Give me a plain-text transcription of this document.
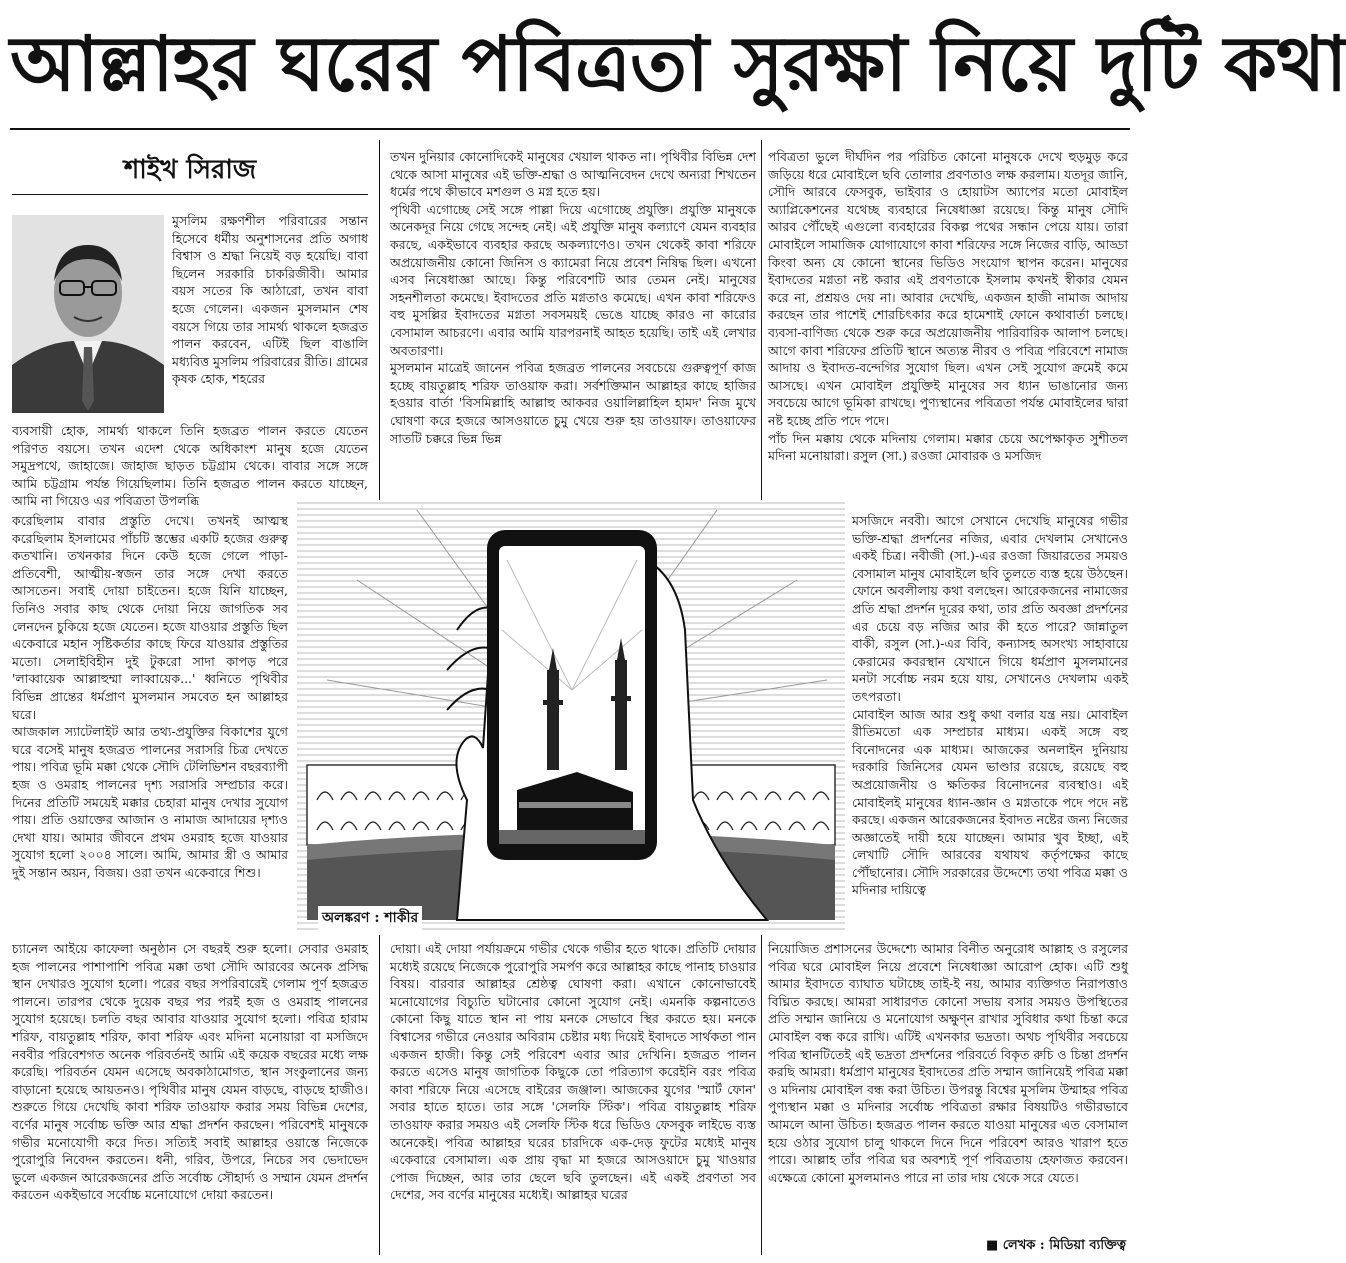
আল্লাহর ঘরের পবিত্রতা সুরক্ষা নিয়ে দুটি কথা
শাইখ সিরাজ
মুসলিম রক্ষণশীল পরিবারের সন্তান হিসেবে ধর্মীয় অনুশাসনের প্রতি অগাধ বিশ্বাস ও শ্রদ্ধা নিয়েই বড় হয়েছি। বাবা ছিলেন সরকারি চাকরিজীবী। আমার বয়স সতের কি আঠারো, তখন বাবা হজে গেলেন। একজন মুসলমান শেষ বয়সে গিয়ে তার সামর্থ্য থাকলে হজব্রত পালন করবেন, এটিই ছিল বাঙালি মধ্যবিত্ত মুসলিম পরিবারের রীতি। গ্রামের কৃষক হোক, শহরের
ব্যবসায়ী হোক, সামর্থ্য থাকলে তিনি হজব্রত পালন করতে যেতেন পরিণত বয়সে। তখন এদেশ থেকে অধিকাংশ মানুষ হজে যেতেন সমুদ্রপথে, জাহাজে। জাহাজ ছাড়ত চট্টগ্রাম থেকে। বাবার সঙ্গে সঙ্গে আমি চট্টগ্রাম পর্যন্ত গিয়েছিলাম। তিনি হজব্রত পালন করতে যাচ্ছেন, আমি না গিয়েও এর পবিত্রতা উপলব্ধি

করেছিলাম বাবার প্রস্তুতি দেখে। তখনই আত্মস্থ করেছিলাম ইসলামের পাঁচটি স্তম্ভের একটি হজের গুরুত্ব কতখানি। তখনকার দিনে কেউ হজে গেলে পাড়া-প্রতিবেশী, আত্মীয়-স্বজন তার সঙ্গে দেখা করতে আসতেন। সবাই দোয়া চাইতেন। হজে যিনি যাচ্ছেন, তিনিও সবার কাছ থেকে দোয়া নিয়ে জাগতিক সব লেনদেন চুকিয়ে হজে যেতেন। হজে যাওয়ার প্রস্তুতি ছিল একেবারে মহান সৃষ্টিকর্তার কাছে ফিরে যাওয়ার প্রস্তুতির মতো। সেলাইবিহীন দুই টুকরো সাদা কাপড় পরে 'লাব্বায়েক আল্লাহুম্মা লাব্বায়েক...' ধ্বনিতে পৃথিবীর বিভিন্ন প্রান্তের ধর্মপ্রাণ মুসলমান সমবেত হন আল্লাহর ঘরে।

আজকাল স্যাটেলাইট আর তথ্য-প্রযুক্তির বিকাশের যুগে ঘরে বসেই মানুষ হজব্রত পালনের সরাসরি চিত্র দেখতে পায়। পবিত্র ভূমি মক্কা থেকে সৌদি টেলিভিশন বছরব্যাপী হজ ও ওমরাহ পালনের দৃশ্য সরাসরি সম্প্রচার করে। দিনের প্রতিটি সময়েই মক্কার চেহারা মানুষ দেখার সুযোগ পায়। প্রতি ওয়াক্তের আজান ও নামাজ আদায়ের দৃশ্যও দেখা যায়। আমার জীবনে প্রথম ওমরাহ হজে যাওয়ার সুযোগ হলো ২০০৪ সালে। আমি, আমার স্ত্রী ও আমার দুই সন্তান অয়ন, বিজয়। ওরা তখন একেবারে শিশু।

চ্যানেল আইয়ে কাফেলা অনুষ্ঠান সে বছরই শুরু হলো। সেবার ওমরাহ হজ পালনের পাশাপাশি পবিত্র মক্কা তথা সৌদি আরবের অনেক প্রসিদ্ধ স্থান দেখারও সুযোগ হলো। পরের বছর সপরিবারেই গেলাম পূর্ণ হজব্রত পালনে। তারপর থেকে দুয়েক বছর পর পরই হজ ও ওমরাহ পালনের সুযোগ হয়েছে। চলতি বছর আবার যাওয়ার সুযোগ হলো। পবিত্র হারাম শরিফ, বায়তুল্লাহ শরিফ, কাবা শরিফ এবং মদিনা মনোয়ারা বা মসজিদে নববীর পরিবেশগত অনেক পরিবর্তনই আমি এই কয়েক বছরের মধ্যে লক্ষ করেছি। পরিবর্তন যেমন এসেছে অবকাঠামোগত, স্থান সংকুলানের জন্য বাড়ানো হয়েছে আয়তনও। পৃথিবীর মানুষ যেমন বাড়ছে, বাড়ছে হাজীও। শুরুতে গিয়ে দেখেছি কাবা শরিফ তাওয়াফ করার সময় বিভিন্ন দেশের, বর্ণের মানুষ সর্বোচ্চ ভক্তি আর শ্রদ্ধা প্রদর্শন করছেন। পরিবেশই মানুষকে গভীর মনোযোগী করে দিত। সত্যিই সবাই আল্লাহর ওয়াস্তে নিজেকে পুরোপুরি নিবেদন করতেন। ধনী, গরিব, উপরে, নিচের সব ভেদাভেদ ভুলে একজন আরেকজনের প্রতি সর্বোচ্চ সৌহার্দ্য ও সম্মান যেমন প্রদর্শন করতেন একইভাবে সর্বোচ্চ মনোযোগে দোয়া করতেন।

তখন দুনিয়ার কোনোদিকেই মানুষের খেয়াল থাকত না। পৃথিবীর বিভিন্ন দেশ থেকে আসা মানুষের এই ভক্তি-শ্রদ্ধা ও আত্মনিবেদন দেখে অন্যরা শিখতেন ধর্মের পথে কীভাবে মশগুল ও মগ্ন হতে হয়।

পৃথিবী এগোচ্ছে সেই সঙ্গে পাল্লা দিয়ে এগোচ্ছে প্রযুক্তি। প্রযুক্তি মানুষকে অনেকদূর নিয়ে গেছে সন্দেহ নেই। এই প্রযুক্তি মানুষ কল্যাণে যেমন ব্যবহার করছে, একইভাবে ব্যবহার করছে অকল্যাণেও। তখন থেকেই কাবা শরিফে অপ্রয়োজনীয় কোনো জিনিস ও ক্যামেরা নিয়ে প্রবেশ নিষিদ্ধ ছিল। এখনো এসব নিষেধাজ্ঞা আছে। কিন্তু পরিবেশটি আর তেমন নেই। মানুষের সহনশীলতা কমেছে। ইবাদতের প্রতি মগ্নতাও কমেছে। এখন কাবা শরিফেও বহু মুসল্লির ইবাদতের মগ্নতা সবসময়ই ভেঙে যাচ্ছে কারও না কারোর বেসামাল আচরণে। এবার আমি যারপরনাই আহত হয়েছি। তাই এই লেখার অবতারণা।

মুসলমান মাত্রেই জানেন পবিত্র হজব্রত পালনের সবচেয়ে গুরুত্বপূর্ণ কাজ হচ্ছে বায়তুল্লাহ শরিফ তাওয়াফ করা। সর্বশক্তিমান আল্লাহর কাছে হাজির হওয়ার বার্তা 'বিসমিল্লাহি আল্লাহু আকবর ওয়ালিল্লাহিল হামদ' নিজ মুখে ঘোষণা করে হজরে আসওয়াতে চুমু খেয়ে শুরু হয় তাওয়াফ। তাওয়াফের সাতটি চক্করে ভিন্ন ভিন্ন

দোয়া। এই দোয়া পর্যায়ক্রমে গভীর থেকে গভীর হতে থাকে। প্রতিটি দোয়ার মধ্যেই রয়েছে নিজেকে পুরোপুরি সমর্পণ করে আল্লাহর কাছে পানাহ চাওয়ার বিষয়। বারবার আল্লাহর শ্রেষ্ঠত্ব ঘোষণা করা। এখানে কোনোভাবেই মনোযোগের বিচ্যুতি ঘটানোর কোনো সুযোগ নেই। এমনকি কল্পনাতেও কোনো কিছু যাতে স্থান না পায় মনকে সেভাবে স্থির করতে হয়। মনকে বিশ্বাসের গভীরে নেওয়ার অবিরাম চেষ্টার মধ্য দিয়েই ইবাদতে সার্থকতা পান একজন হাজী। কিন্তু সেই পরিবেশ এবার আর দেখিনি। হজব্রত পালন করতে এসেও মানুষ জাগতিক কিছুকে তো পরিত্যাগ করেইনি বরং পবিত্র কাবা শরিফে নিয়ে এসেছে বাইরের জঞ্জাল। আজকের যুগের 'স্মার্ট ফোন' সবার হাতে হাতে। তার সঙ্গে 'সেলফি স্টিক'। পবিত্র বায়তুল্লাহ শরিফ তাওয়াফ করার সময়ও এই সেলফি স্টিক ধরে ভিডিও ফেসবুক লাইভে ব্যস্ত অনেকেই। পবিত্র আল্লাহর ঘরের চারদিকে এক-দেড় ফুটের মধ্যেই মানুষ একেবারে বেসামাল। এক প্রায় বৃদ্ধা মা হজরে আসওয়াদে চুমু খাওয়ার পোজ দিচ্ছেন, আর তার ছেলে ছবি তুলছেন। এই একই প্রবণতা সব দেশের, সব বর্ণের মানুষের মধ্যেই। আল্লাহর ঘরের

পবিত্রতা ভুলে দীর্ঘদিন পর পরিচিত কোনো মানুষকে দেখে হুড়মুড় করে জড়িয়ে ধরে মোবাইলে ছবি তোলার প্রবণতাও লক্ষ করলাম। যতদূর জানি, সৌদি আরবে ফেসবুক, ভাইবার ও হোয়াটস অ্যাপের মতো মোবাইল অ্যাপ্লিকেশনের যথেচ্ছ ব্যবহারে নিষেধাজ্ঞা রয়েছে। কিন্তু মানুষ সৌদি আরব পৌঁছেই এগুলো ব্যবহারের বিকল্প পথের সন্ধান পেয়ে যায়। তারা মোবাইলে সামাজিক যোগাযোগে কাবা শরিফের সঙ্গে নিজের বাড়ি, আড্ডা কিংবা অন্য যে কোনো স্থানের ভিডিও সংযোগ স্থাপন করেন। মানুষের ইবাদতের মগ্নতা নষ্ট করার এই প্রবণতাকে ইসলাম কখনই স্বীকার যেমন করে না, প্রশ্রয়ও দেয় না। আবার দেখেছি, একজন হাজী নামাজ আদায় করছেন তার পাশেই শোরচিৎকার করে হামেশাই ফোনে কথাবার্তা চলছে। ব্যবসা-বাণিজ্য থেকে শুরু করে অপ্রয়োজনীয় পারিবারিক আলাপ চলছে। আগে কাবা শরিফের প্রতিটি স্থানে অত্যন্ত নীরব ও পবিত্র পরিবেশে নামাজ আদায় ও ইবাদত-বন্দেগির সুযোগ ছিল। এখন সেই সুযোগ ক্রমেই কমে আসছে। এখন মোবাইল প্রযুক্তিই মানুষের সব ধ্যান ভাঙানোর জন্য সবচেয়ে আগে ভূমিকা রাখছে। পুণ্যস্থানের পবিত্রতা পর্যন্ত মোবাইলের দ্বারা নষ্ট হচ্ছে প্রতি পদে পদে।

পাঁচ দিন মক্কায় থেকে মদিনায় গেলাম। মক্কার চেয়ে অপেক্ষাকৃত সুশীতল মদিনা মনোয়ারা। রসুল (সা.) রওজা মোবারক ও মসজিদ

মসজিদে নববী। আগে সেখানে দেখেছি মানুষের গভীর ভক্তি-শ্রদ্ধা প্রদর্শনের নজির, এবার দেখলাম সেখানেও একই চিত্র। নবীজী (সা.)-এর রওজা জিয়ারতের সময়ও বেসামাল মানুষ মোবাইলে ছবি তুলতে ব্যস্ত হয়ে উঠছেন। ফোনে অবলীলায় কথা বলছেন। আরেকজনের নামাজের প্রতি শ্রদ্ধা প্রদর্শন দূরের কথা, তার প্রতি অবজ্ঞা প্রদর্শনের এর চেয়ে বড় নজির আর কী হতে পারে? জান্নাতুল বাকী, রসুল (সা.)-এর বিবি, কন্যাসহ অসংখ্য সাহাবায়ে কেরামের কবরস্থান যেখানে গিয়ে ধর্মপ্রাণ মুসলমানের মনটা সর্বোচ্চ নরম হয়ে যায়, সেখানেও দেখলাম একই তৎপরতা।

মোবাইল আজ আর শুধু কথা বলার যন্ত্র নয়। মোবাইল রীতিমতো এক সম্প্রচার মাধ্যম। একই সঙ্গে বহু বিনোদনের এক মাধ্যম। আজকের অনলাইন দুনিয়ায় দরকারি জিনিসের যেমন ভাণ্ডার রয়েছে, রয়েছে বহু অপ্রয়োজনীয় ও ক্ষতিকর বিনোদনের ব্যবস্থাও। এই মোবাইলই মানুষের ধ্যান-জ্ঞান ও মগ্নতাকে পদে পদে নষ্ট করছে। একজন আরেকজনের ইবাদত নষ্টের জন্য নিজের অজ্ঞাতেই দায়ী হয়ে যাচ্ছেন। আমার খুব ইচ্ছা, এই লেখাটি সৌদি আরবের যথাযথ কর্তৃপক্ষের কাছে পৌঁছানোর। সৌদি সরকারের উদ্দেশ্যে তথা পবিত্র মক্কা ও মদিনার দায়িত্বে

নিয়োজিত প্রশাসনের উদ্দেশ্যে আমার বিনীত অনুরোধ আল্লাহ ও রসুলের পবিত্র ঘরে মোবাইল নিয়ে প্রবেশে নিষেধাজ্ঞা আরোপ হোক। এটি শুধু আমার ইবাদতে ব্যাঘাত ঘটাচ্ছে তাই-ই নয়, আমার ব্যক্তিগত নিরাপত্তাও বিঘ্নিত করছে। আমরা সাধারণত কোনো সভায় বসার সময়ও উপস্থিতের প্রতি সম্মান জানিয়ে ও মনোযোগ অক্ষুণ্ন রাখার সুবিধার কথা চিন্তা করে মোবাইল বন্ধ করে রাখি। এটিই এখনকার ভদ্রতা। অথচ পৃথিবীর সবচেয়ে পবিত্র স্থানটিতেই এই ভদ্রতা প্রদর্শনের পরিবর্তে বিকৃত রুচি ও চিন্তা প্রদর্শন করছি আমরা। ধর্মপ্রাণ মানুষের ইবাদতের প্রতি সম্মান জানিয়েই পবিত্র মক্কা ও মদিনায় মোবাইল বন্ধ করা উচিত। উপরন্তু বিশ্বের মুসলিম উম্মাহর পবিত্র পুণ্যস্থান মক্কা ও মদিনার সর্বোচ্চ পবিত্রতা রক্ষার বিষয়টিও গভীরভাবে আমলে আনা উচিত। হজব্রত পালন করতে যাওয়া মানুষের এত বেসামাল হয়ে ওঠার সুযোগ চালু থাকলে দিনে দিনে পরিবেশ আরও খারাপ হতে পারে। আল্লাহ তাঁর পবিত্র ঘর অবশ্যই পূর্ণ পবিত্রতায় হেফাজত করবেন। এক্ষেত্রে কোনো মুসলমানও পারে না তার দায় থেকে সরে যেতে।
অলঙ্করণ : শাকীর
■ লেখক : মিডিয়া ব্যক্তিত্ব
